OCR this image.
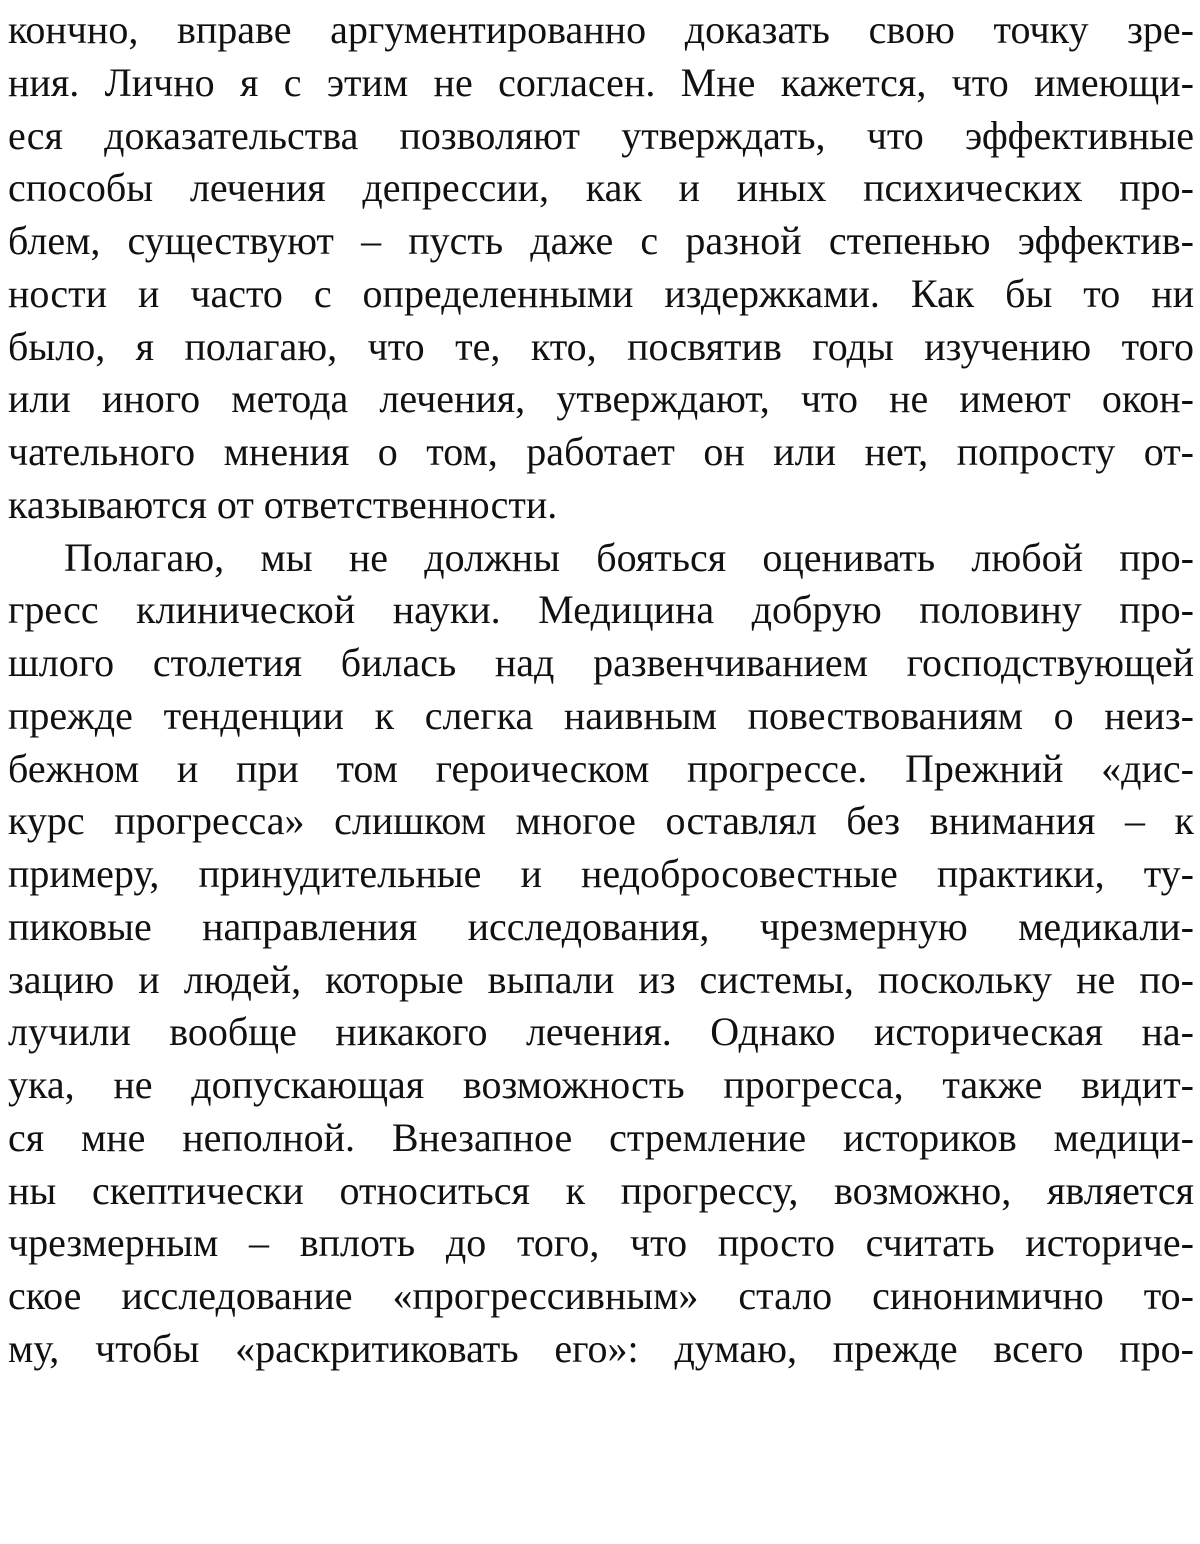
кончно, вправе аргументированно доказать свою точку зре-
ния. Лично я с этим не согласен. Мне кажется, что имеющи-
еся доказательства позволяют утверждать, что эффективные
способы лечения депрессии, как и иных психических про-
блем, существуют – пусть даже с разной степенью эффектив-
ности и часто с определенными издержками. Как бы то ни
было, я полагаю, что те, кто, посвятив годы изучению того
или иного метода лечения, утверждают, что не имеют окон-
чательного мнения о том, работает он или нет, попросту от-
казываются от ответственности.
Полагаю, мы не должны бояться оценивать любой про-
гресс клинической науки. Медицина добрую половину про-
шлого столетия билась над развенчиванием господствующей
прежде тенденции к слегка наивным повествованиям о неиз-
бежном и при том героическом прогрессе. Прежний «дис-
курс прогресса» слишком многое оставлял без внимания – к
примеру, принудительные и недобросовестные практики, ту-
пиковые направления исследования, чрезмерную медикали-
зацию и людей, которые выпали из системы, поскольку не по-
лучили вообще никакого лечения. Однако историческая на-
ука, не допускающая возможность прогресса, также видит-
ся мне неполной. Внезапное стремление историков медици-
ны скептически относиться к прогрессу, возможно, является
чрезмерным – вплоть до того, что просто считать историче-
ское исследование «прогрессивным» стало синонимично то-
му, чтобы «раскритиковать его»: думаю, прежде всего про-
